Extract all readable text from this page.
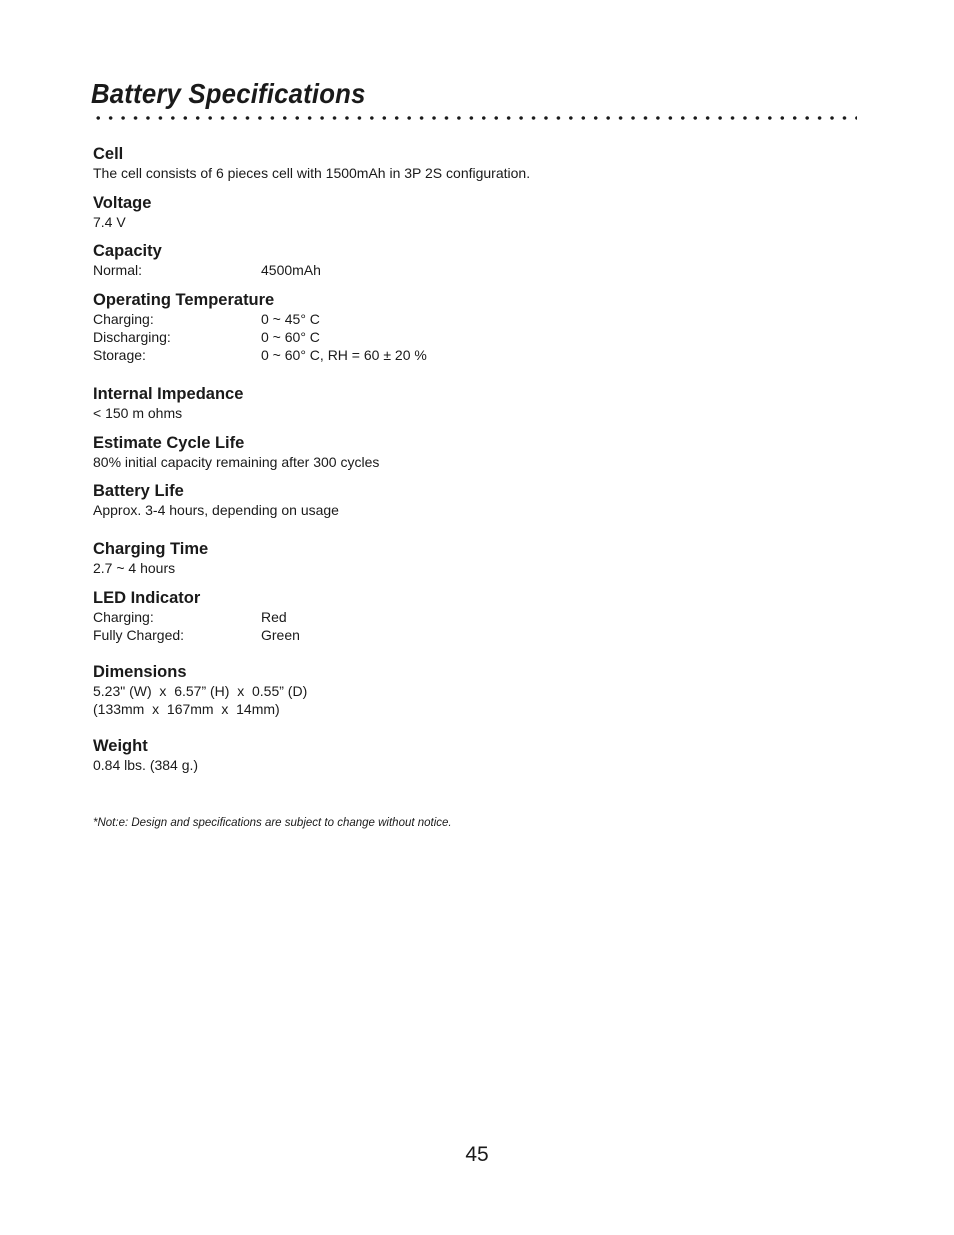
Battery Specifications

Cell

The cell consists of 6 pieces cell with 1500mAh in 3P 2S configuration.

Voltage

7.4 V

Capacity

Normal:	4500mAh

Operating Temperature

Charging:	0 ~ 45° C
Discharging:	0 ~ 60° C
Storage:	0 ~ 60° C, RH = 60 ± 20 %

Internal Impedance

< 150 m ohms

Estimate Cycle Life

80% initial capacity remaining after 300 cycles

Battery Life

Approx. 3-4 hours, depending on usage

Charging Time

2.7 ~ 4 hours

LED Indicator

Charging:	Red
Fully Charged:	Green

Dimensions

5.23" (W)  x  6.57” (H)  x  0.55” (D)

(133mm  x  167mm  x  14mm)

Weight

0.84 lbs. (384 g.)

*Not:e: Design and specifications are subject to change without notice.
45
